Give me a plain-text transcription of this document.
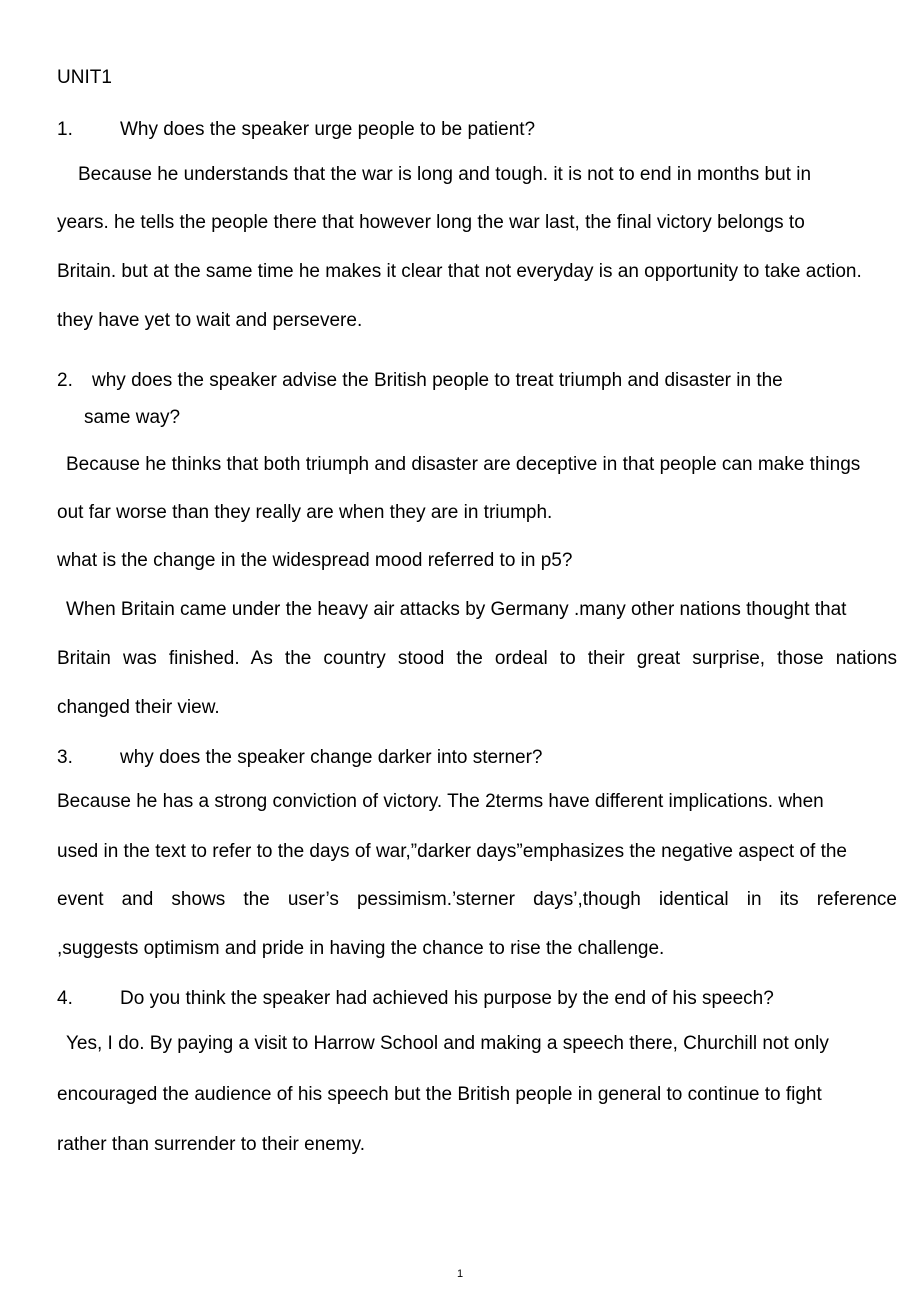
UNIT1
1. Why does the speaker urge people to be patient?
Because he understands that the war is long and tough. it is not to end in months but in
years. he tells the people there that however long the war last, the final victory belongs to
Britain. but at the same time he makes it clear that not everyday is an opportunity to take action.
they have yet to wait and persevere.
2. why does the speaker advise the British people to treat triumph and disaster in the
same way?
Because he thinks that both triumph and disaster are deceptive in that people can make things
out far worse than they really are when they are in triumph.
what is the change in the widespread mood referred to in p5?
When Britain came under the heavy air attacks by Germany .many other nations thought that
Britain was finished. As the country stood the ordeal to their great surprise, those nations
changed their view.
3. why does the speaker change darker into sterner?
Because he has a strong conviction of victory. The 2terms have different implications. when
used in the text to refer to the days of war,”darker days”emphasizes the negative aspect of the
event and shows the user’s pessimism.’sterner days’,though identical in its reference
,suggests optimism and pride in having the chance to rise the challenge.
4. Do you think the speaker had achieved his purpose by the end of his speech?
Yes, I do. By paying a visit to Harrow School and making a speech there, Churchill not only
encouraged the audience of his speech but the British people in general to continue to fight
rather than surrender to their enemy.
1
